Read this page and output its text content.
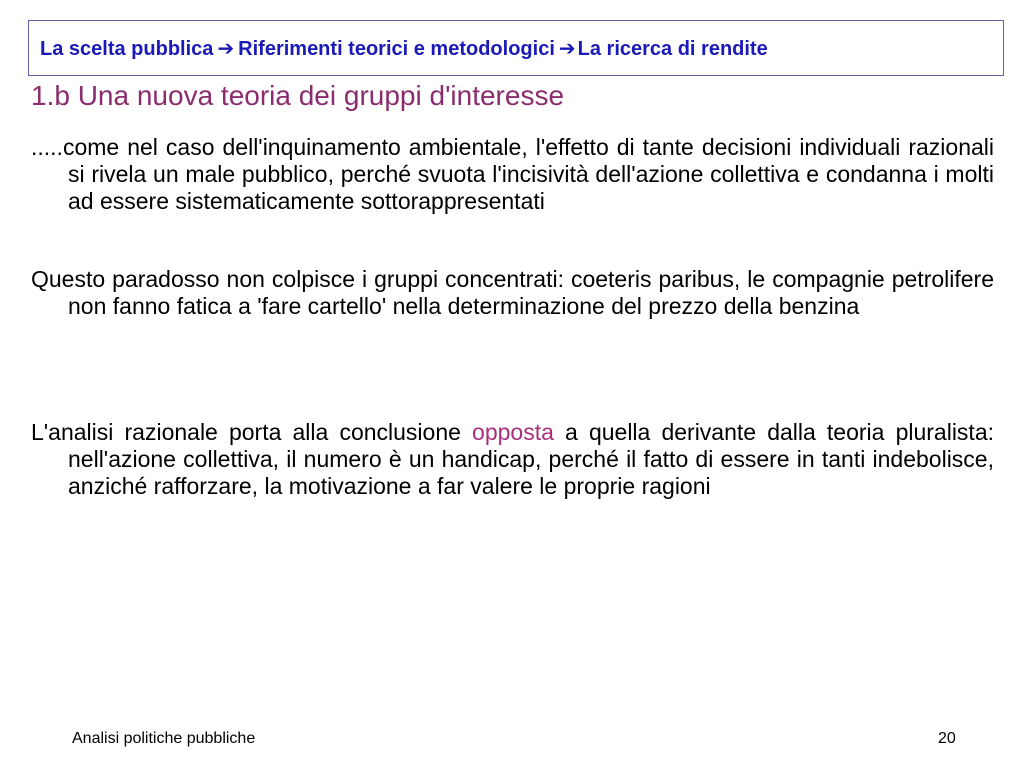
La scelta pubblica ➔ Riferimenti teorici e metodologici ➔ La ricerca di rendite
1.b Una nuova teoria dei gruppi d'interesse

.....come nel caso dell'inquinamento ambientale, l'effetto di tante decisioni individuali razionali si rivela un male pubblico, perché svuota l'incisività dell'azione collettiva e condanna i molti ad essere sistematicamente sottorappresentati

Questo paradosso non colpisce i gruppi concentrati: coeteris paribus, le compagnie petrolifere non fanno fatica a 'fare cartello' nella determinazione del prezzo della benzina

L'analisi razionale porta alla conclusione opposta a quella derivante dalla teoria pluralista: nell'azione collettiva, il numero è un handicap, perché il fatto di essere in tanti indebolisce, anziché rafforzare, la motivazione a far valere le proprie ragioni

Analisi politiche pubbliche	20
